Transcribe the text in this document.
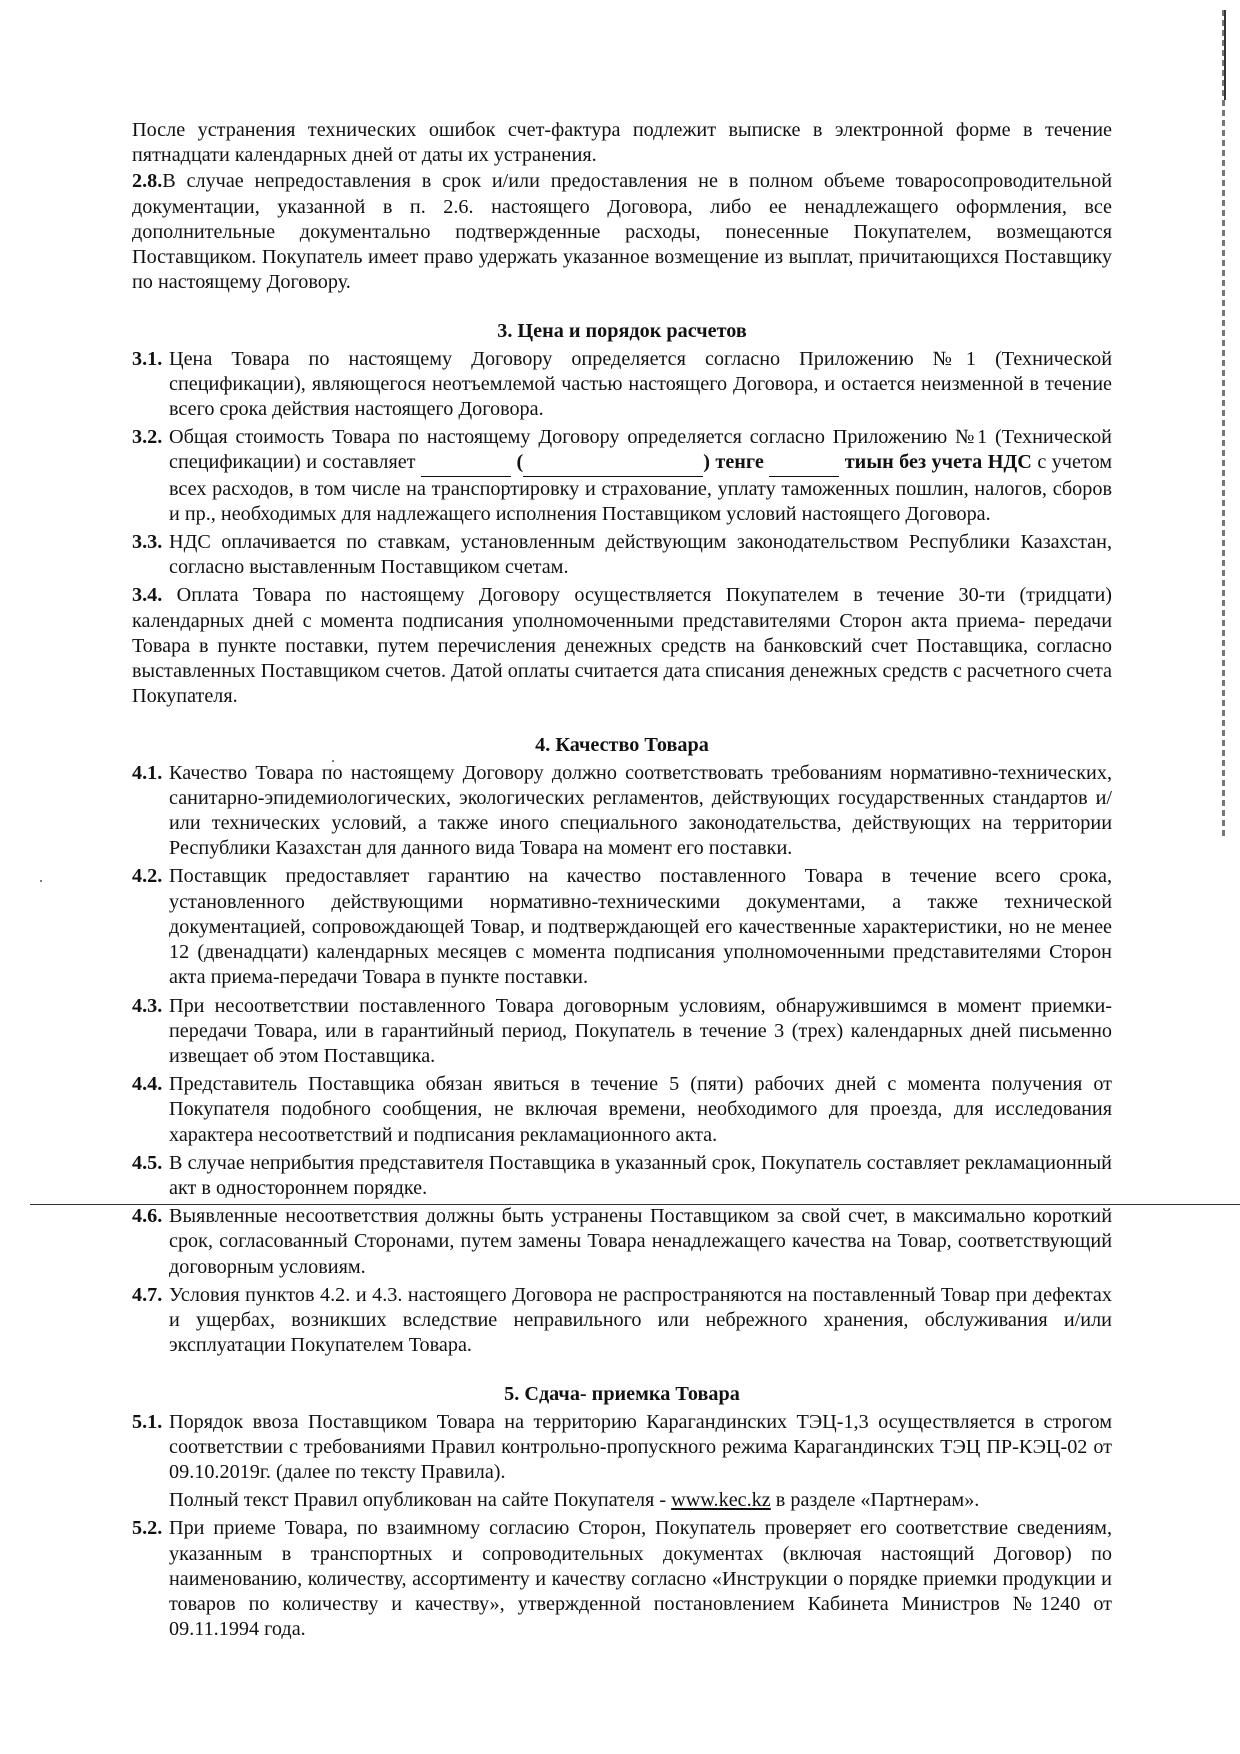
После устранения технических ошибок счет-фактура подлежит выписке в электронной форме в течение пятнадцати календарных дней от даты их устранения.

2.8.В случае непредоставления в срок и/или предоставления не в полном объеме товаросопроводительной документации, указанной в п. 2.6. настоящего Договора, либо ее ненадлежащего оформления, все дополнительные документально подтвержденные расходы, понесенные Покупателем, возмещаются Поставщиком. Покупатель имеет право удержать указанное возмещение из выплат, причитающихся Поставщику по настоящему Договору.
3. Цена и порядок расчетов
3.1. Цена Товара по настоящему Договору определяется согласно Приложению №1 (Технической спецификации), являющегося неотъемлемой частью настоящего Договора, и остается неизменной в течение всего срока действия настоящего Договора.
3.2. Общая стоимость Товара по настоящему Договору определяется согласно Приложению №1 (Технической спецификации) и составляет	(	) тенге	тиын без учета НДС с учетом всех расходов, в том числе на транспортировку и страхование, уплату таможенных пошлин, налогов, сборов и пр., необходимых для надлежащего исполнения Поставщиком условий настоящего Договора.
3.3. НДС оплачивается по ставкам, установленным действующим законодательством Республики Казахстан, согласно выставленным Поставщиком счетам.
3.4. Оплата Товара по настоящему Договору осуществляется Покупателем в течение 30-ти (тридцати) календарных дней с момента подписания уполномоченными представителями Сторон акта приема- передачи Товара в пункте поставки, путем перечисления денежных средств на банковский счет Поставщика, согласно выставленных Поставщиком счетов. Датой оплаты считается дата списания денежных средств с расчетного счета Покупателя.
4. Качество Товара
4.1. Качество Товара по настоящему Договору должно соответствовать требованиям нормативно-технических, санитарно-эпидемиологических, экологических регламентов, действующих государственных стандартов и/или технических условий, а также иного специального законодательства, действующих на территории Республики Казахстан для данного вида Товара на момент его поставки.
4.2. Поставщик предоставляет гарантию на качество поставленного Товара в течение всего срока, установленного действующими нормативно-техническими документами, а также технической документацией, сопровождающей Товар, и подтверждающей его качественные характеристики, но не менее 12 (двенадцати) календарных месяцев с момента подписания уполномоченными представителями Сторон акта приема-передачи Товара в пункте поставки.
4.3. При несоответствии поставленного Товара договорным условиям, обнаружившимся в момент приемки-передачи Товара, или в гарантийный период, Покупатель в течение 3 (трех) календарных дней письменно извещает об этом Поставщика.
4.4. Представитель Поставщика обязан явиться в течение 5 (пяти) рабочих дней с момента получения от Покупателя подобного сообщения, не включая времени, необходимого для проезда, для исследования характера несоответствий и подписания рекламационного акта.
4.5. В случае неприбытия представителя Поставщика в указанный срок, Покупатель составляет рекламационный акт в одностороннем порядке.
4.6. Выявленные несоответствия должны быть устранены Поставщиком за свой счет, в максимально короткий срок, согласованный Сторонами, путем замены Товара ненадлежащего качества на Товар, соответствующий договорным условиям.
4.7. Условия пунктов 4.2. и 4.3. настоящего Договора не распространяются на поставленный Товар при дефектах и ущербах, возникших вследствие неправильного или небрежного хранения, обслуживания и/или эксплуатации Покупателем Товара.
5. Сдача- приемка Товара
5.1. Порядок ввоза Поставщиком Товара на территорию Карагандинских ТЭЦ-1,3 осуществляется в строгом соответствии с требованиями Правил контрольно-пропускного режима Карагандинских ТЭЦ ПР-КЭЦ-02 от 09.10.2019г. (далее по тексту Правила).
Полный текст Правил опубликован на сайте Покупателя - www.kec.kz в разделе «Партнерам».
5.2. При приеме Товара, по взаимному согласию Сторон, Покупатель проверяет его соответствие сведениям, указанным в транспортных и сопроводительных документах (включая настоящий Договор) по наименованию, количеству, ассортименту и качеству согласно «Инструкции о порядке приемки продукции и товаров по количеству и качеству», утвержденной постановлением Кабинета Министров №1240 от 09.11.1994 года.
